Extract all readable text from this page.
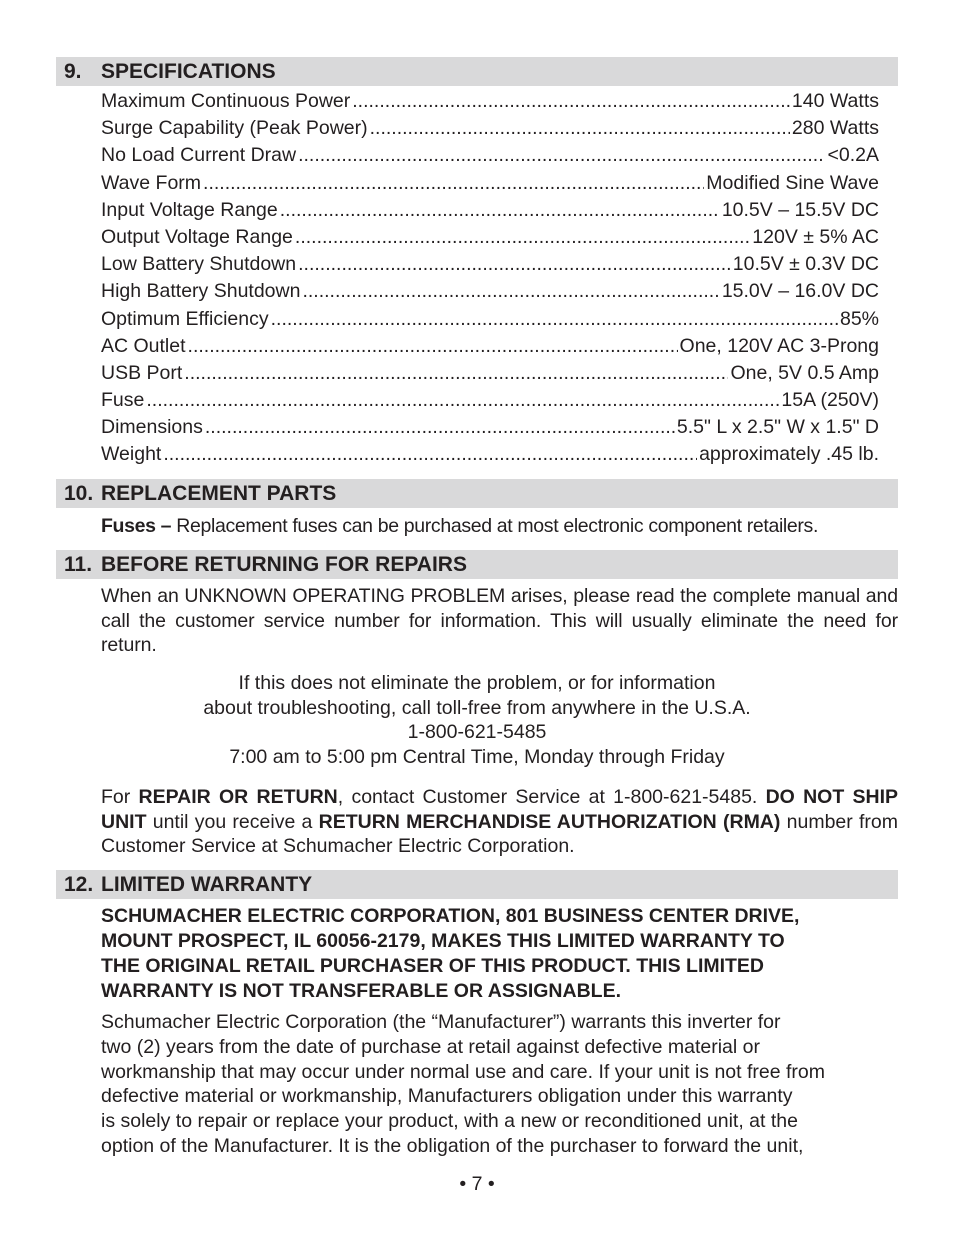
9. SPECIFICATIONS
Maximum Continuous Power .....	140 Watts
Surge Capability (Peak Power) .....	280 Watts
No Load Current Draw .....	<0.2A
Wave Form .....	Modified Sine Wave
Input Voltage Range .....	10.5V – 15.5V DC
Output Voltage Range .....	120V ± 5% AC
Low Battery Shutdown .....	10.5V ± 0.3V DC
High Battery Shutdown .....	15.0V – 16.0V DC
Optimum Efficiency .....	85%
AC Outlet .....	One, 120V AC 3-Prong
USB Port .....	One, 5V 0.5 Amp
Fuse .....	15A (250V)
Dimensions .....	5.5" L x 2.5" W x 1.5" D
Weight .....	approximately .45 lb.
10. REPLACEMENT PARTS

Fuses – Replacement fuses can be purchased at most electronic component retailers.

11. BEFORE RETURNING FOR REPAIRS

When an UNKNOWN OPERATING PROBLEM arises, please read the complete manual and call the customer service number for information. This will usually eliminate the need for return.

If this does not eliminate the problem, or for information
about troubleshooting, call toll-free from anywhere in the U.S.A.
1-800-621-5485
7:00 am to 5:00 pm Central Time, Monday through Friday

For REPAIR OR RETURN, contact Customer Service at 1-800-621-5485. DO NOT SHIP UNIT until you receive a RETURN MERCHANDISE AUTHORIZATION (RMA) number from Customer Service at Schumacher Electric Corporation.

12. LIMITED WARRANTY
SCHUMACHER ELECTRIC CORPORATION, 801 BUSINESS CENTER DRIVE,
MOUNT PROSPECT, IL 60056-2179, MAKES THIS LIMITED WARRANTY TO
THE ORIGINAL RETAIL PURCHASER OF THIS PRODUCT. THIS LIMITED
WARRANTY IS NOT TRANSFERABLE OR ASSIGNABLE.
Schumacher Electric Corporation (the “Manufacturer”) warrants this inverter for
two (2) years from the date of purchase at retail against defective material or
workmanship that may occur under normal use and care. If your unit is not free from
defective material or workmanship, Manufacturers obligation under this warranty
is solely to repair or replace your product, with a new or reconditioned unit, at the
option of the Manufacturer. It is the obligation of the purchaser to forward the unit,
• 7 •
